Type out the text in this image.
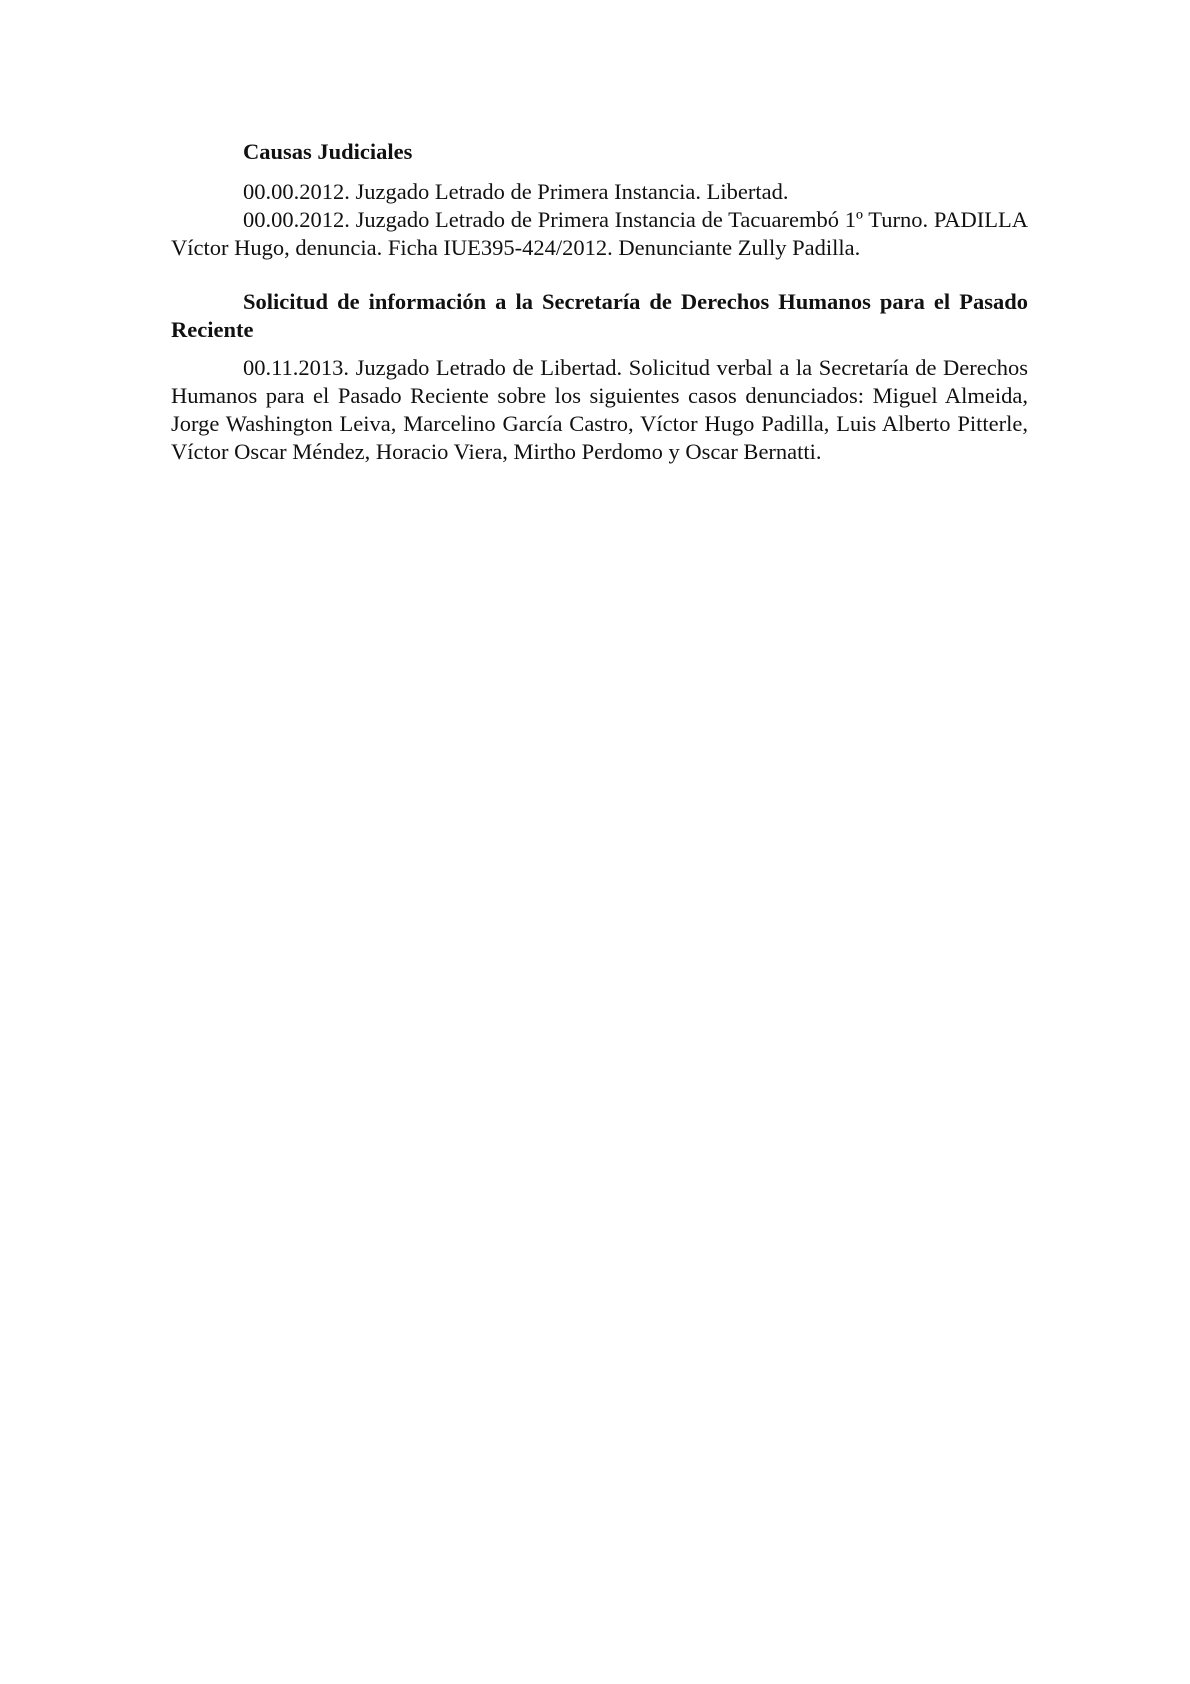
Causas Judiciales

00.00.2012. Juzgado Letrado de Primera Instancia. Libertad.

00.00.2012. Juzgado Letrado de Primera Instancia de Tacuarembó 1º Turno. PADILLA Víctor Hugo, denuncia. Ficha IUE395-424/2012. Denunciante Zully Padilla.

Solicitud de información a la Secretaría de Derechos Humanos para el Pasado Reciente

00.11.2013. Juzgado Letrado de Libertad. Solicitud verbal a la Secretaría de Derechos Humanos para el Pasado Reciente sobre los siguientes casos denunciados: Miguel Almeida, Jorge Washington Leiva, Marcelino García Castro, Víctor Hugo Padilla, Luis Alberto Pitterle, Víctor Oscar Méndez, Horacio Viera, Mirtho Perdomo y Oscar Bernatti.
